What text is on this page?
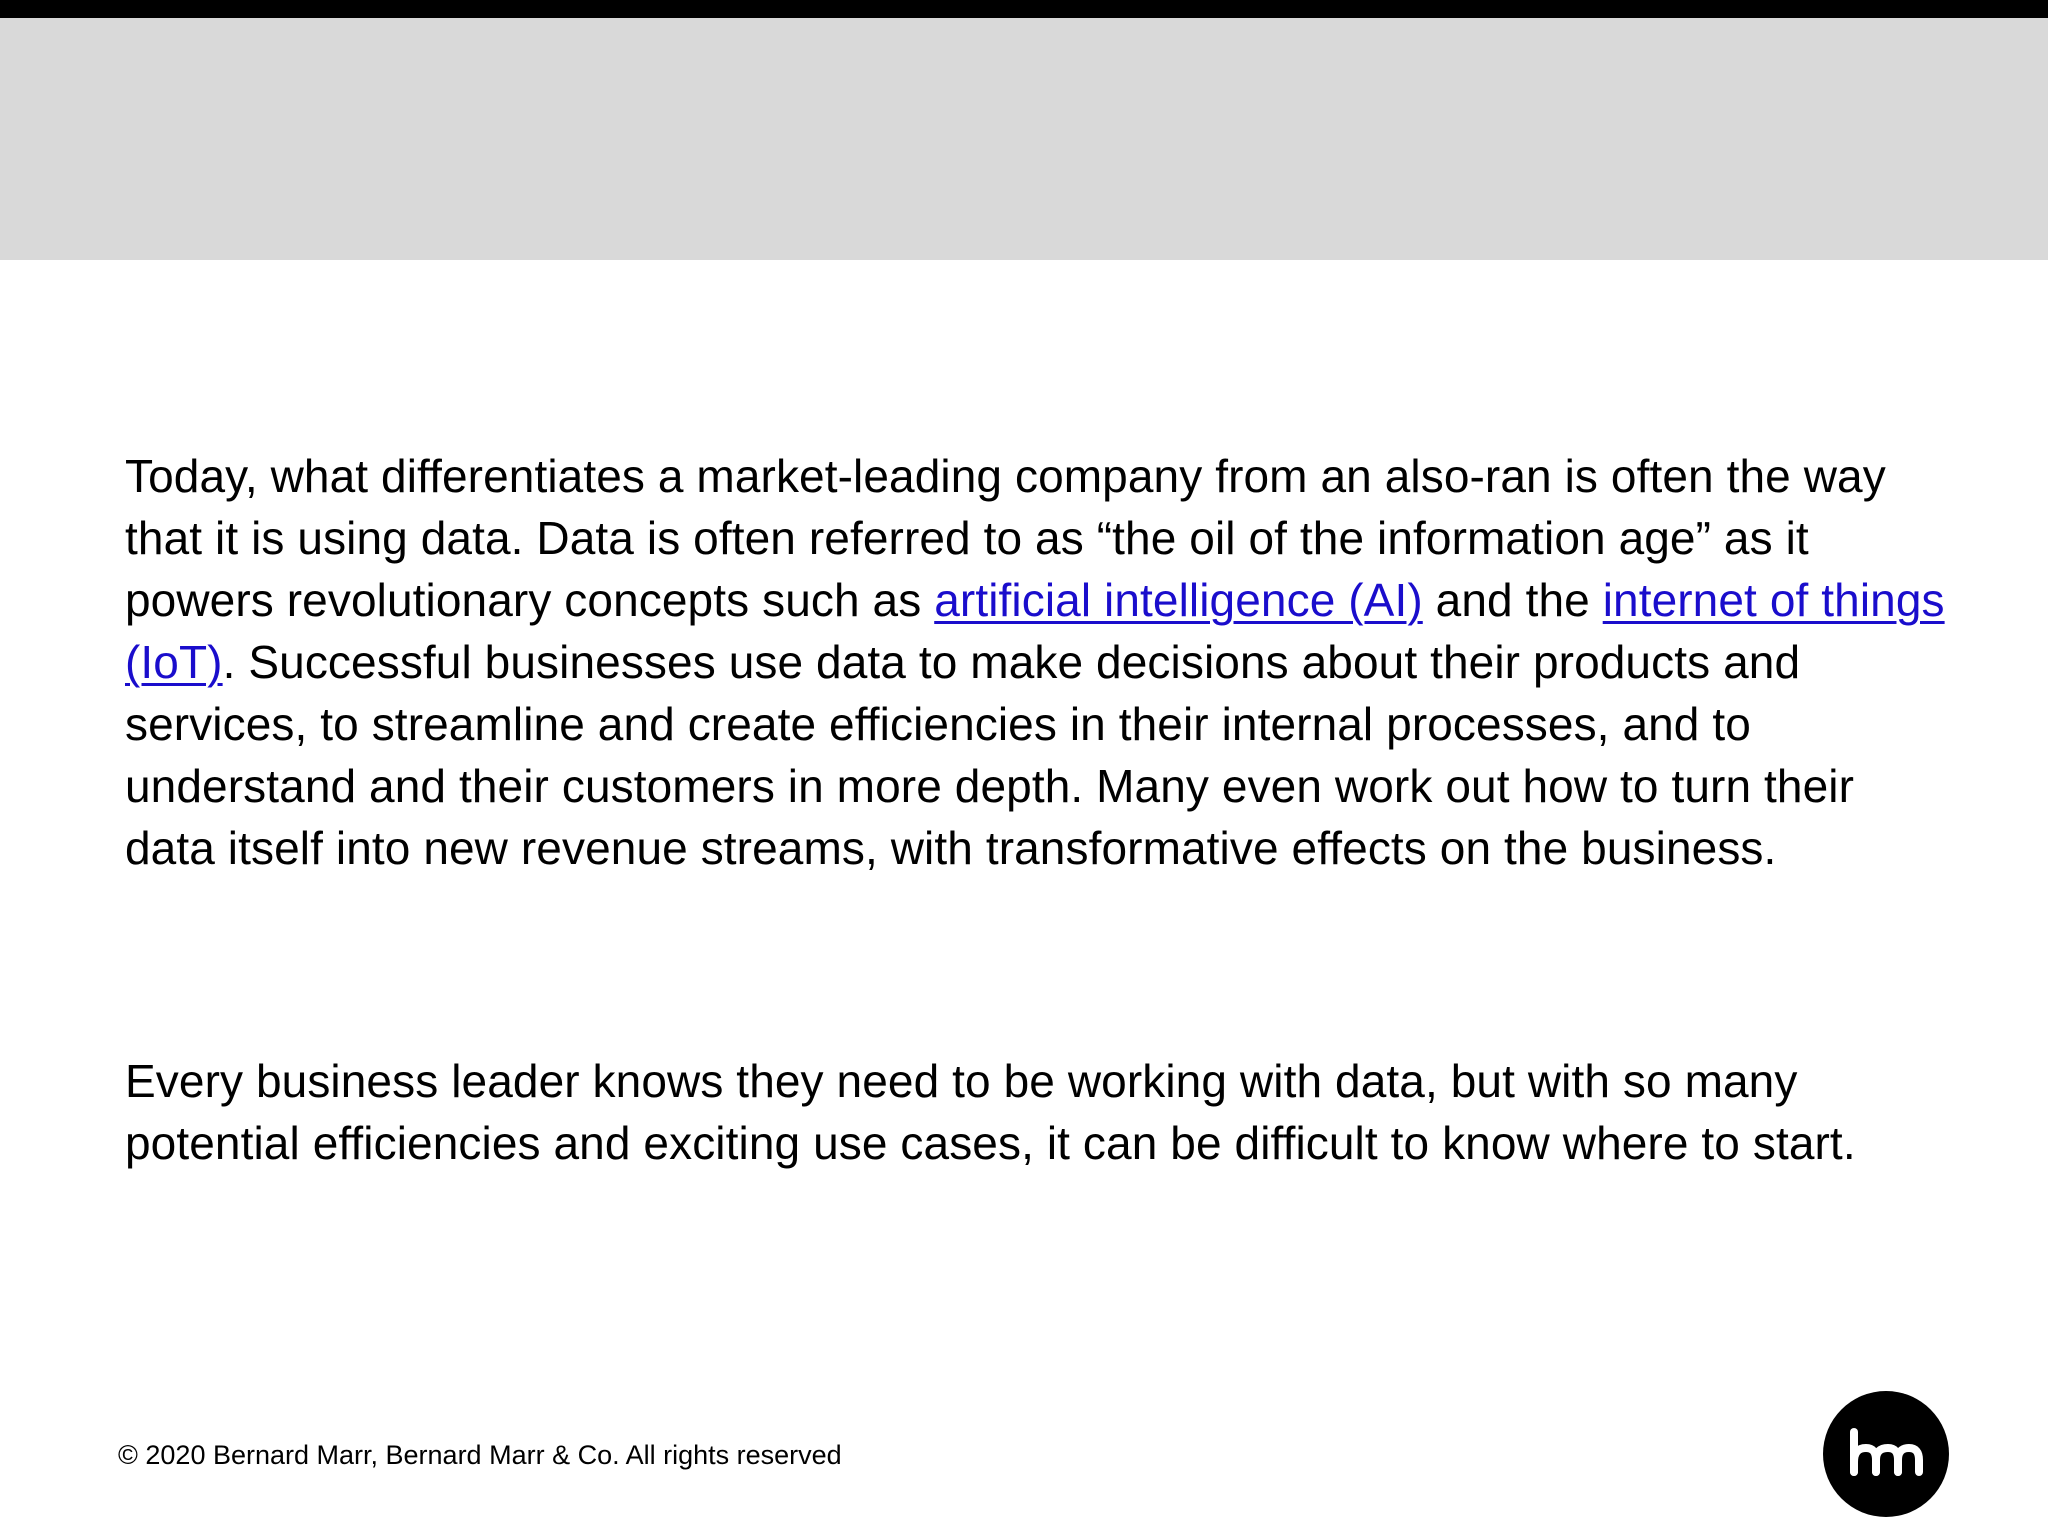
Today, what differentiates a market-leading company from an also-ran is often the way that it is using data. Data is often referred to as “the oil of the information age” as it powers revolutionary concepts such as artificial intelligence (AI) and the internet of things (IoT). Successful businesses use data to make decisions about their products and services, to streamline and create efficiencies in their internal processes, and to understand and their customers in more depth. Many even work out how to turn their data itself into new revenue streams, with transformative effects on the business.

Every business leader knows they need to be working with data, but with so many potential efficiencies and exciting use cases, it can be difficult to know where to start.

© 2020 Bernard Marr, Bernard Marr & Co. All rights reserved
